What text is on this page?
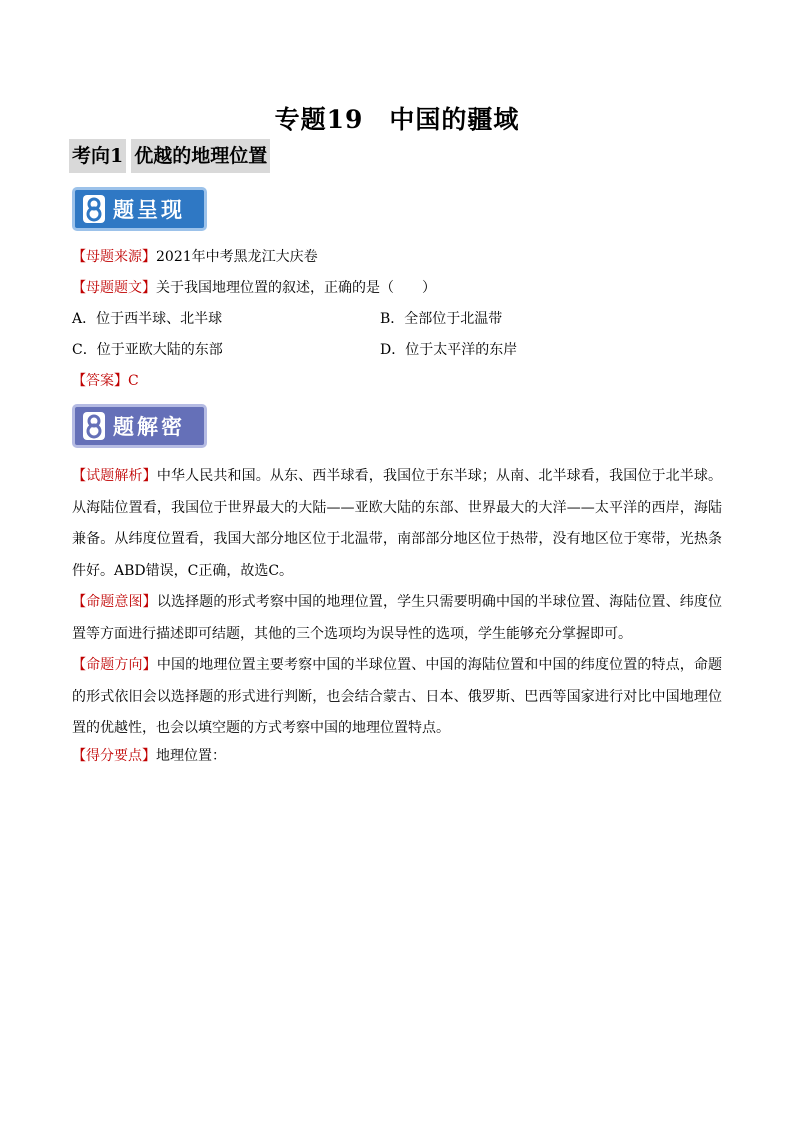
专题19　中国的疆域
考向1 优越的地理位置
题呈现
【母题来源】2021年中考黑龙江大庆卷
【母题题文】关于我国地理位置的叙述，正确的是（　　）
A．位于西半球、北半球	B．全部位于北温带
C．位于亚欧大陆的东部	D．位于太平洋的东岸
【答案】C
题解密
【试题解析】中华人民共和国。从东、西半球看，我国位于东半球；从南、北半球看，我国位于北半球。从海陆位置看，我国位于世界最大的大陆——亚欧大陆的东部、世界最大的大洋——太平洋的西岸，海陆兼备。从纬度位置看，我国大部分地区位于北温带，南部部分地区位于热带，没有地区位于寒带，光热条件好。ABD错误，C正确，故选C。
【命题意图】以选择题的形式考察中国的地理位置，学生只需要明确中国的半球位置、海陆位置、纬度位置等方面进行描述即可结题，其他的三个选项均为误导性的选项，学生能够充分掌握即可。
【命题方向】中国的地理位置主要考察中国的半球位置、中国的海陆位置和中国的纬度位置的特点，命题的形式依旧会以选择题的形式进行判断，也会结合蒙古、日本、俄罗斯、巴西等国家进行对比中国地理位置的优越性，也会以填空题的方式考察中国的地理位置特点。
【得分要点】地理位置：
